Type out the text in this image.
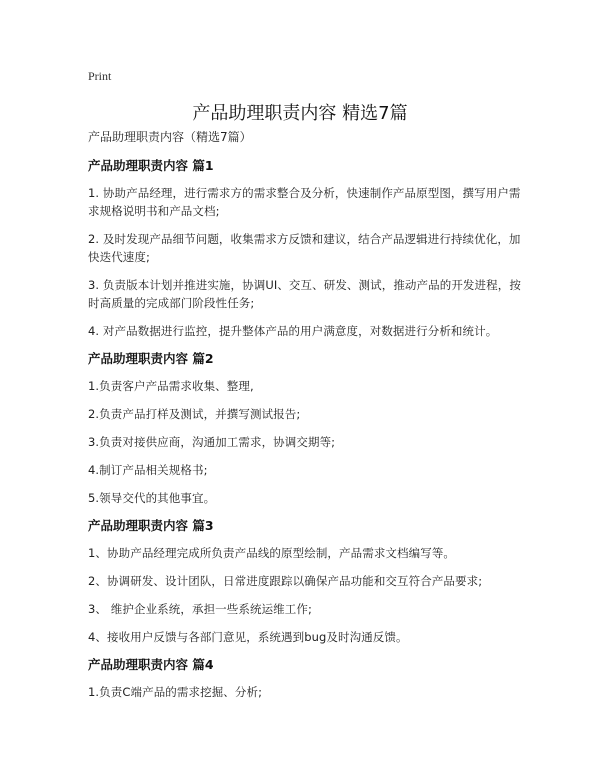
Print
产品助理职责内容 精选7篇
产品助理职责内容（精选7篇）
产品助理职责内容 篇1
1. 协助产品经理，进行需求方的需求整合及分析，快速制作产品原型图，撰写用户需求规格说明书和产品文档;
2. 及时发现产品细节问题，收集需求方反馈和建议，结合产品逻辑进行持续优化，加快迭代速度;
3. 负责版本计划并推进实施，协调UI、交互、研发、测试，推动产品的开发进程，按时高质量的完成部门阶段性任务;
4. 对产品数据进行监控，提升整体产品的用户满意度，对数据进行分析和统计。
产品助理职责内容 篇2
1.负责客户产品需求收集、整理,
2.负责产品打样及测试，并撰写测试报告;
3.负责对接供应商，沟通加工需求，协调交期等;
4.制订产品相关规格书;
5.领导交代的其他事宜。
产品助理职责内容 篇3
1、协助产品经理完成所负责产品线的原型绘制，产品需求文档编写等。
2、协调研发、设计团队，日常进度跟踪以确保产品功能和交互符合产品要求;
3、 维护企业系统，承担一些系统运维工作;
4、接收用户反馈与各部门意见，系统遇到bug及时沟通反馈。
产品助理职责内容 篇4
1.负责C端产品的需求挖掘、分析;
